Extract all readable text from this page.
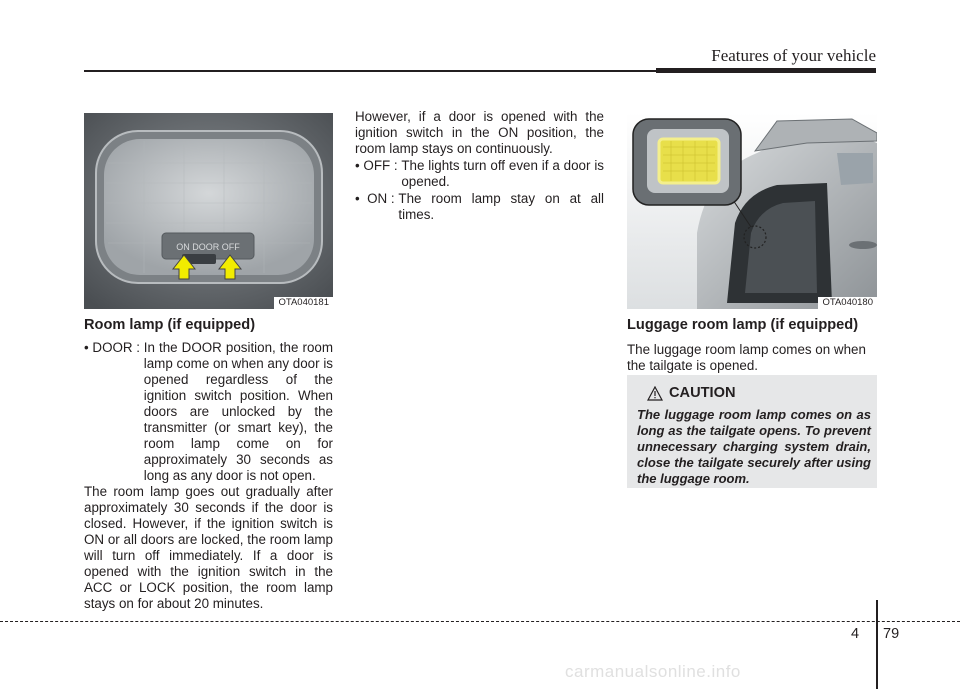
Features of your vehicle
ON DOOR OFF
OTA040181

Room lamp (if equipped)

• DOOR : In the DOOR position, the room lamp come on when any door is opened regardless of the ignition switch position. When doors are unlocked by the transmitter (or smart key), the room lamp come on for approximately 30 seconds as long as any door is not open.

The room lamp goes out gradually after approximately 30 seconds if the door is closed. However, if the ignition switch is ON or all doors are locked, the room lamp will turn off immediately. If a door is opened with the ignition switch in the ACC or LOCK position, the room lamp stays on for about 20 minutes.

However, if a door is opened with the ignition switch in the ON position, the room lamp stays on continuously.

• OFF : The lights turn off even if a door is opened.
•  ON : The room lamp stay on at all times.
OTA040180

Luggage room lamp (if equipped)

The luggage room lamp comes on when the tailgate is opened.

CAUTION
The luggage room lamp comes on as long as the tailgate opens. To prevent unnecessary charging system drain, close the tailgate securely after using the luggage room.
4 79
carmanualsonline.info
